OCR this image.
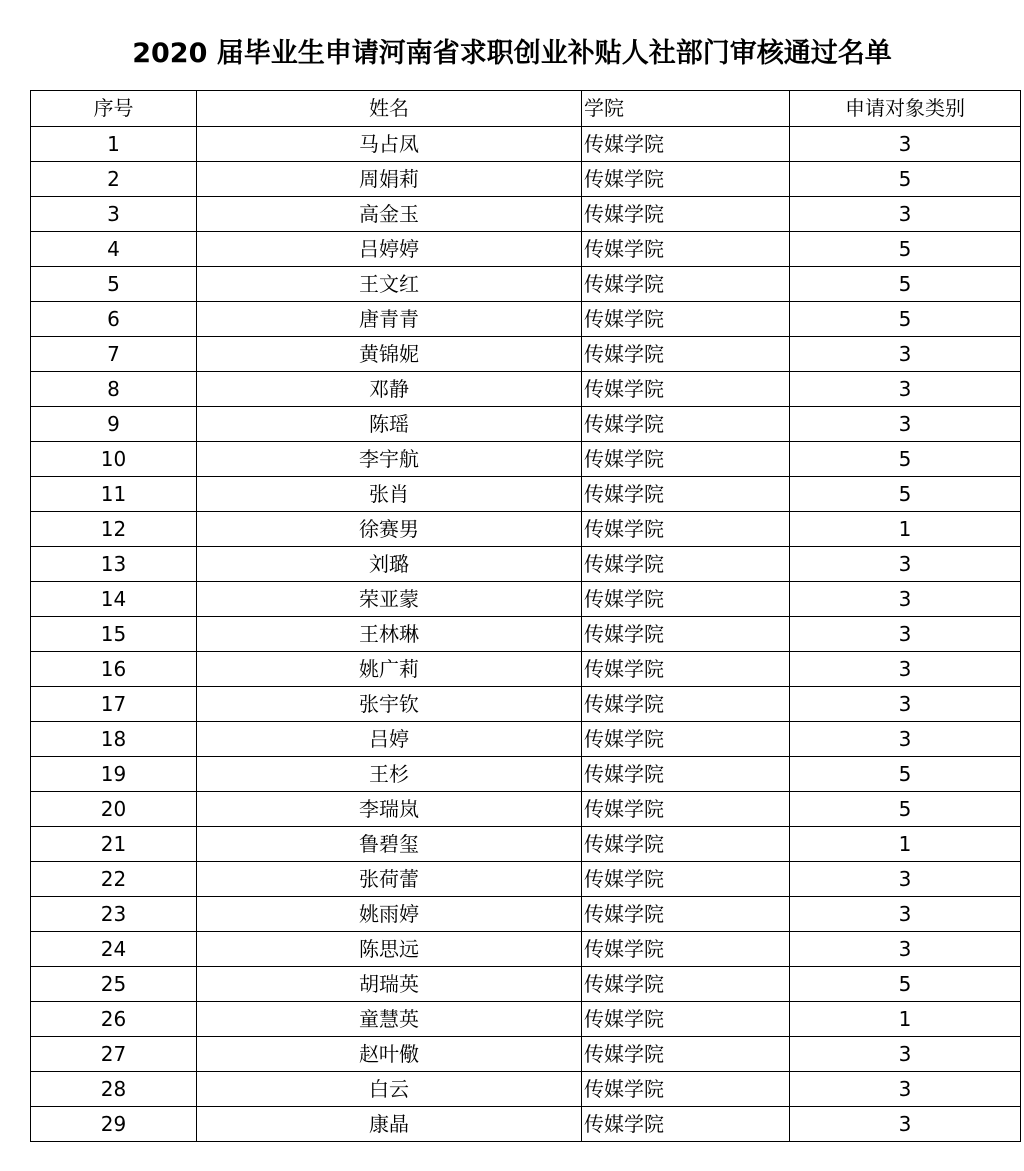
2020 届毕业生申请河南省求职创业补贴人社部门审核通过名单
序号	姓名	学院	申请对象类别
1	马占凤	传媒学院	3
2	周娟莉	传媒学院	5
3	高金玉	传媒学院	3
4	吕婷婷	传媒学院	5
5	王文红	传媒学院	5
6	唐青青	传媒学院	5
7	黄锦妮	传媒学院	3
8	邓静	传媒学院	3
9	陈瑶	传媒学院	3
10	李宇航	传媒学院	5
11	张肖	传媒学院	5
12	徐赛男	传媒学院	1
13	刘璐	传媒学院	3
14	荣亚蒙	传媒学院	3
15	王林琳	传媒学院	3
16	姚广莉	传媒学院	3
17	张宇钦	传媒学院	3
18	吕婷	传媒学院	3
19	王杉	传媒学院	5
20	李瑞岚	传媒学院	5
21	鲁碧玺	传媒学院	1
22	张荷蕾	传媒学院	3
23	姚雨婷	传媒学院	3
24	陈思远	传媒学院	3
25	胡瑞英	传媒学院	5
26	童慧英	传媒学院	1
27	赵叶儆	传媒学院	3
28	白云	传媒学院	3
29	康晶	传媒学院	3
